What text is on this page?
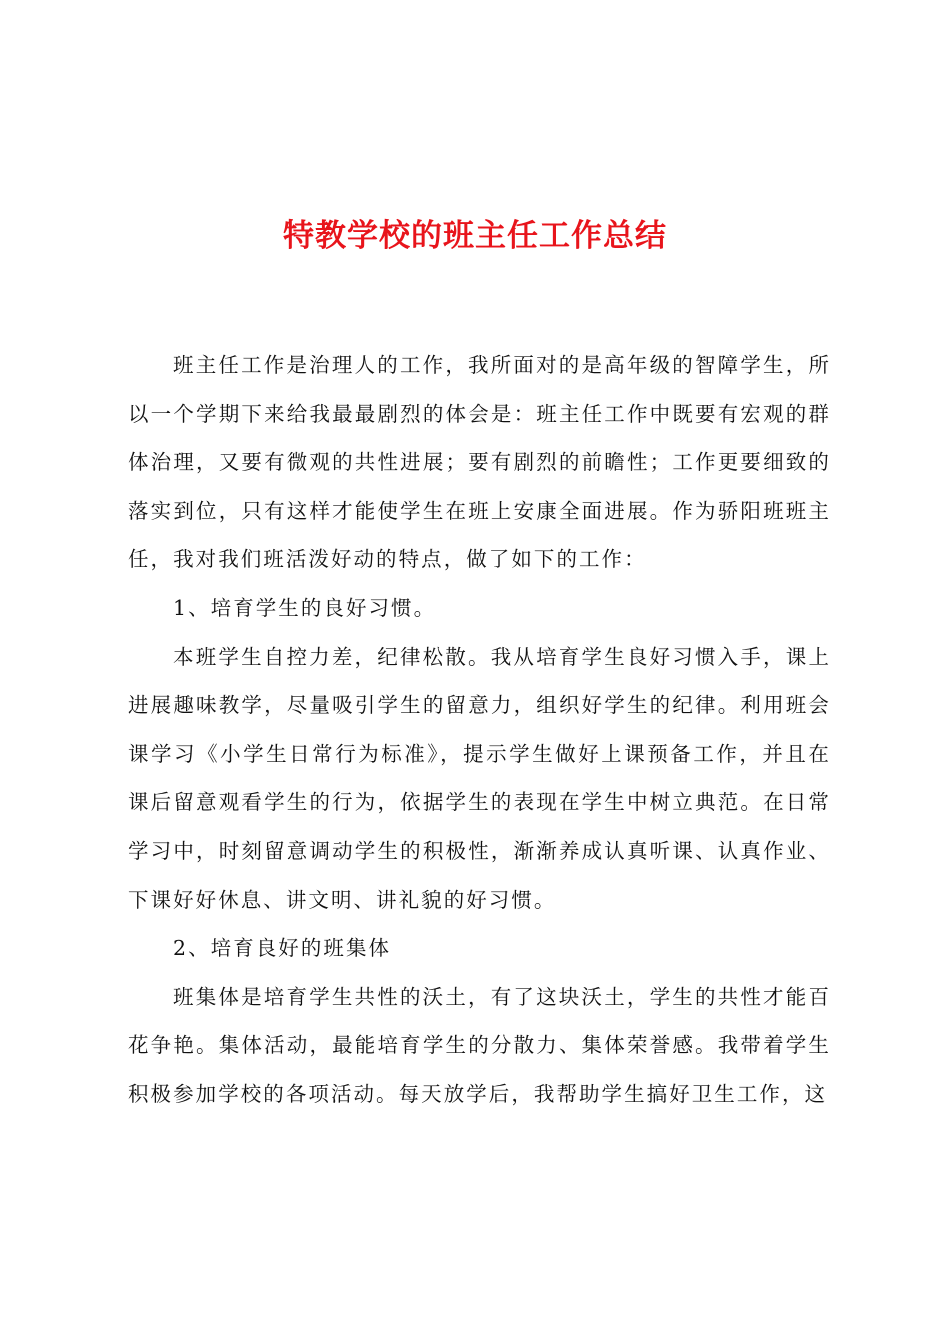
特教学校的班主任工作总结

班主任工作是治理人的工作，我所面对的是高年级的智障学生，所以一个学期下来给我最最剧烈的体会是：班主任工作中既要有宏观的群体治理，又要有微观的共性进展；要有剧烈的前瞻性；工作更要细致的落实到位，只有这样才能使学生在班上安康全面进展。作为骄阳班班主任，我对我们班活泼好动的特点，做了如下的工作：

1、培育学生的良好习惯。

本班学生自控力差，纪律松散。我从培育学生良好习惯入手，课上进展趣味教学，尽量吸引学生的留意力，组织好学生的纪律。利用班会课学习《小学生日常行为标准》，提示学生做好上课预备工作，并且在课后留意观看学生的行为，依据学生的表现在学生中树立典范。在日常学习中，时刻留意调动学生的积极性，渐渐养成认真听课、认真作业、下课好好休息、讲文明、讲礼貌的好习惯。

2、培育良好的班集体

班集体是培育学生共性的沃土，有了这块沃土，学生的共性才能百花争艳。集体活动，最能培育学生的分散力、集体荣誉感。我带着学生积极参加学校的各项活动。每天放学后，我帮助学生搞好卫生工作，这
